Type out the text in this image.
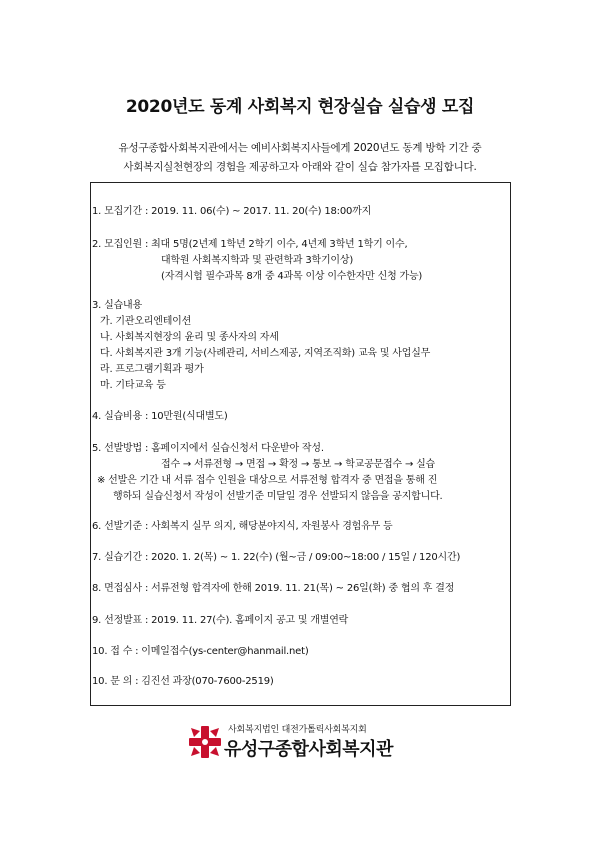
2020년도 동계 사회복지 현장실습 실습생 모집
유성구종합사회복지관에서는 예비사회복지사들에게 2020년도 동계 방학 기간 중
사회복지실천현장의 경험을 제공하고자 아래와 같이 실습 참가자를 모집합니다.
1. 모집기간 : 2019. 11. 06(수) ~ 2017. 11. 20(수) 18:00까지
2. 모집인원 : 최대 5명(2년제 1학년 2학기 이수, 4년제 3학년 1학기 이수,
대학원 사회복지학과 및 관련학과 3학기이상)
(자격시험 필수과목 8개 중 4과목 이상 이수한자만 신청 가능)
3. 실습내용
가. 기관오리엔테이션
나. 사회복지현장의 윤리 및 종사자의 자세
다. 사회복지관 3개 기능(사례관리, 서비스제공, 지역조직화) 교육 및 사업실무
라. 프로그램기획과 평가
마. 기타교육 등
4. 실습비용 : 10만원(식대별도)
5. 선발방법 : 홈페이지에서 실습신청서 다운받아 작성.
접수 → 서류전형 → 면접 → 확정 → 통보 → 학교공문접수 → 실습
※ 선발은 기간 내 서류 접수 인원을 대상으로 서류전형 합격자 중 면접을 통해 진
행하되 실습신청서 작성이 선발기준 미달일 경우 선발되지 않음을 공지합니다.
6. 선발기준 : 사회복지 실무 의지, 해당분야지식, 자원봉사 경험유무 등
7. 실습기간 : 2020. 1. 2(목) ~ 1. 22(수) (월~금 / 09:00~18:00 / 15일 / 120시간)
8. 면접심사 : 서류전형 합격자에 한해 2019. 11. 21(목) ~ 26일(화) 중 협의 후 결정
9. 선정발표 : 2019. 11. 27(수). 홈페이지 공고 및 개별연락
10. 접 수 : 이메일접수(ys-center@hanmail.net)
10. 문 의 : 김진선 과장(070-7600-2519)
사회복지법인 대전가톨릭사회복지회
유성구종합사회복지관
